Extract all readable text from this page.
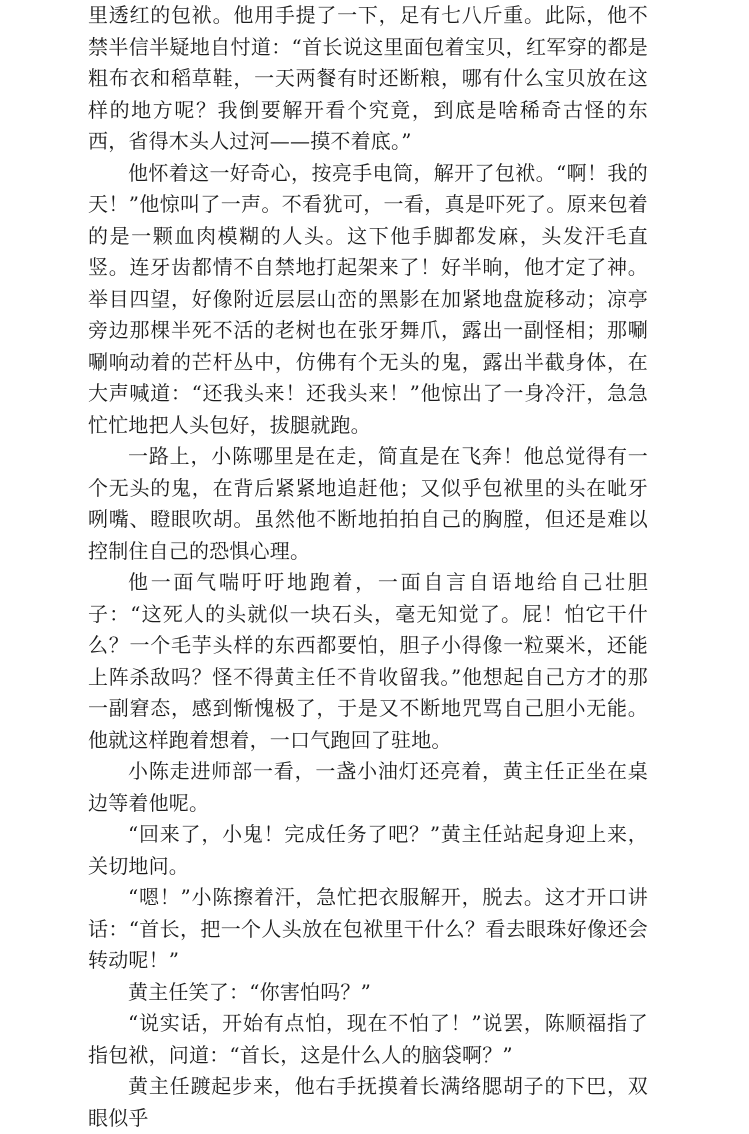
里透红的包袱。他用手提了一下，足有七八斤重。此际，他不禁半信半疑地自忖道：“首长说这里面包着宝贝，红军穿的都是粗布衣和稻草鞋，一天两餐有时还断粮，哪有什么宝贝放在这样的地方呢？我倒要解开看个究竟，到底是啥稀奇古怪的东西，省得木头人过河——摸不着底。”

他怀着这一好奇心，按亮手电筒，解开了包袱。“啊！我的天！”他惊叫了一声。不看犹可，一看，真是吓死了。原来包着的是一颗血肉模糊的人头。这下他手脚都发麻，头发汗毛直竖。连牙齿都情不自禁地打起架来了！好半晌，他才定了神。举目四望，好像附近层层山峦的黑影在加紧地盘旋移动；凉亭旁边那棵半死不活的老树也在张牙舞爪，露出一副怪相；那唰唰响动着的芒杆丛中，仿佛有个无头的鬼，露出半截身体，在大声喊道：“还我头来！还我头来！”他惊出了一身冷汗，急急忙忙地把人头包好，拔腿就跑。

一路上，小陈哪里是在走，简直是在飞奔！他总觉得有一个无头的鬼，在背后紧紧地追赶他；又似乎包袱里的头在呲牙咧嘴、瞪眼吹胡。虽然他不断地拍拍自己的胸膛，但还是难以控制住自己的恐惧心理。

他一面气喘吁吁地跑着，一面自言自语地给自己壮胆子：“这死人的头就似一块石头，毫无知觉了。屁！怕它干什么？一个毛芋头样的东西都要怕，胆子小得像一粒粟米，还能上阵杀敌吗？怪不得黄主任不肯收留我。”他想起自己方才的那一副窘态，感到惭愧极了，于是又不断地咒骂自己胆小无能。他就这样跑着想着，一口气跑回了驻地。

小陈走进师部一看，一盏小油灯还亮着，黄主任正坐在桌边等着他呢。

“回来了，小鬼！完成任务了吧？”黄主任站起身迎上来，关切地问。

“嗯！”小陈擦着汗，急忙把衣服解开，脱去。这才开口讲话：“首长，把一个人头放在包袱里干什么？看去眼珠好像还会转动呢！”

黄主任笑了：“你害怕吗？”

“说实话，开始有点怕，现在不怕了！”说罢，陈顺福指了指包袱，问道：“首长，这是什么人的脑袋啊？”

黄主任踱起步来，他右手抚摸着长满络腮胡子的下巴，双眼似乎
